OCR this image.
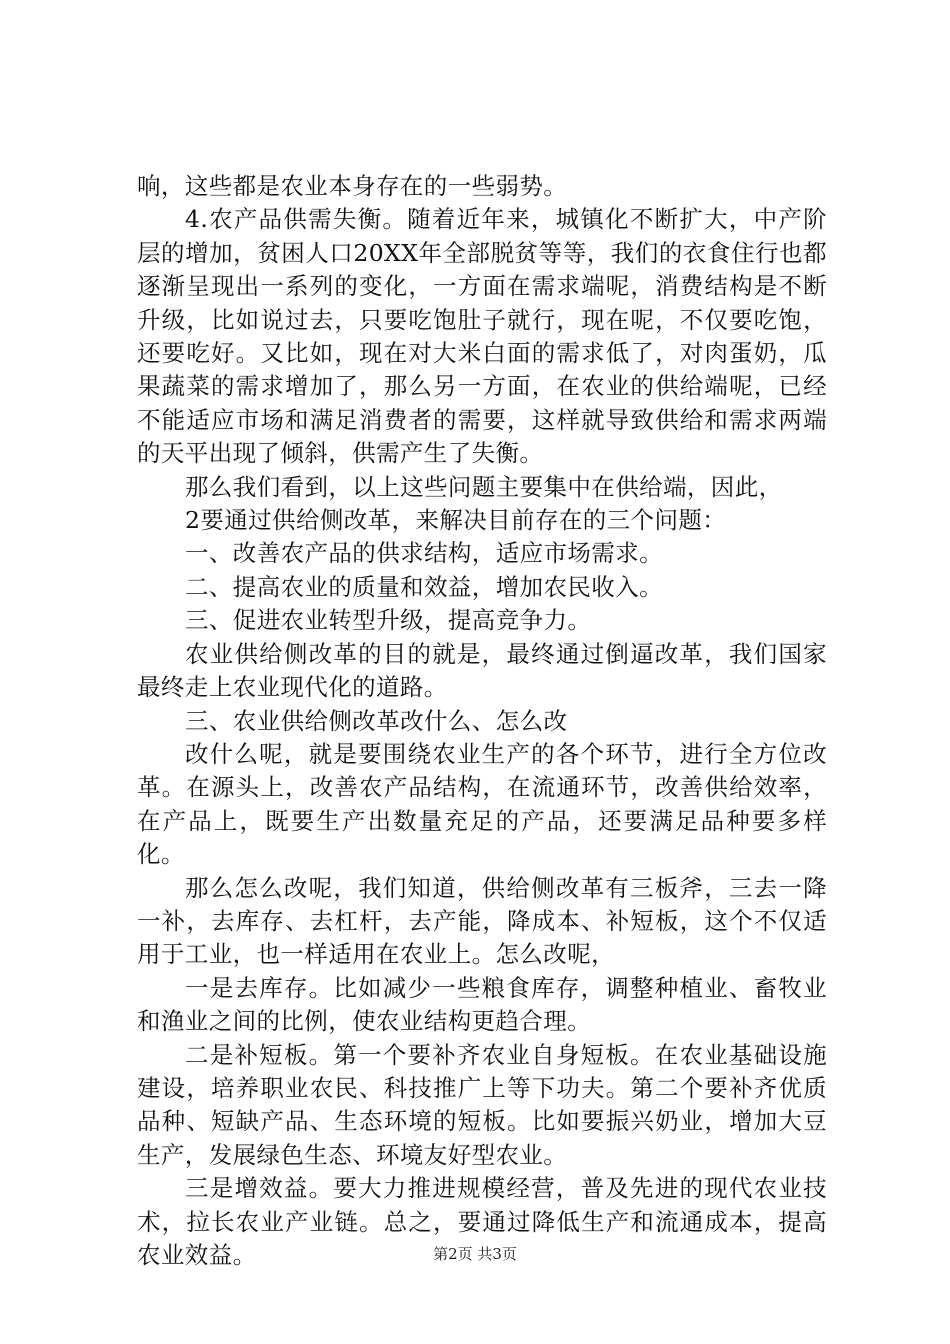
响，这些都是农业本身存在的一些弱势。

4.农产品供需失衡。随着近年来，城镇化不断扩大，中产阶层的增加，贫困人口20XX年全部脱贫等等，我们的衣食住行也都逐渐呈现出一系列的变化，一方面在需求端呢，消费结构是不断升级，比如说过去，只要吃饱肚子就行，现在呢，不仅要吃饱，还要吃好。又比如，现在对大米白面的需求低了，对肉蛋奶，瓜果蔬菜的需求增加了，那么另一方面，在农业的供给端呢，已经不能适应市场和满足消费者的需要，这样就导致供给和需求两端的天平出现了倾斜，供需产生了失衡。

那么我们看到，以上这些问题主要集中在供给端，因此，

2要通过供给侧改革，来解决目前存在的三个问题：

一、改善农产品的供求结构，适应市场需求。

二、提高农业的质量和效益，增加农民收入。

三、促进农业转型升级，提高竞争力。

农业供给侧改革的目的就是，最终通过倒逼改革，我们国家最终走上农业现代化的道路。

三、农业供给侧改革改什么、怎么改

改什么呢，就是要围绕农业生产的各个环节，进行全方位改革。在源头上，改善农产品结构，在流通环节，改善供给效率，在产品上，既要生产出数量充足的产品，还要满足品种要多样化。

那么怎么改呢，我们知道，供给侧改革有三板斧，三去一降一补，去库存、去杠杆，去产能，降成本、补短板，这个不仅适用于工业，也一样适用在农业上。怎么改呢，

一是去库存。比如减少一些粮食库存，调整种植业、畜牧业和渔业之间的比例，使农业结构更趋合理。

二是补短板。第一个要补齐农业自身短板。在农业基础设施建设，培养职业农民、科技推广上等下功夫。第二个要补齐优质品种、短缺产品、生态环境的短板。比如要振兴奶业，增加大豆生产，发展绿色生态、环境友好型农业。

三是增效益。要大力推进规模经营，普及先进的现代农业技术，拉长农业产业链。总之，要通过降低生产和流通成本，提高农业效益。	第2页 共3页
